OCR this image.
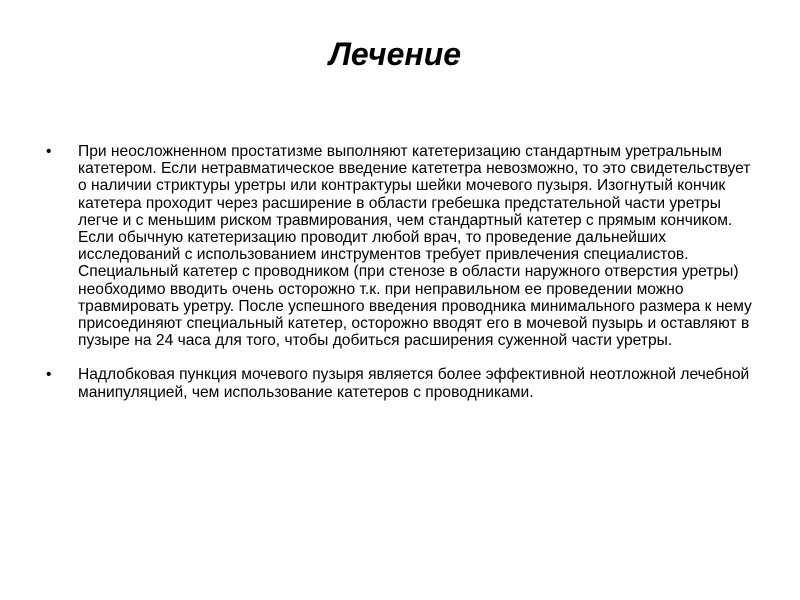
Лечение
•	При неосложненном простатизме выполняют катетеризацию стандартным уретральным катетером. Если нетравматическое введение катететра невозможно, то это свидетельствует о наличии стриктуры уретры или контрактуры шейки мочевого пузыря. Изогнутый кончик катетера проходит через расширение в области гребешка предстательной части уретры легче и с меньшим риском травмирования, чем стандартный катетер с прямым кончиком. Если обычную катетеризацию проводит любой врач, то проведение дальнейших исследований с использованием инструментов требует привлечения специалистов. Специальный катетер с проводником (при стенозе в области наружного отверстия уретры) необходимо вводить очень осторожно т.к. при неправильном ее проведении можно травмировать уретру. После успешного введения проводника минимального размера к нему присоединяют специальный катетер, осторожно вводят его в мочевой пузырь и оставляют в пузыре на 24 часа для того, чтобы добиться расширения суженной части уретры.
•	Надлобковая пункция мочевого пузыря является более эффективной неотложной лечебной манипуляцией, чем использование катетеров с проводниками.
